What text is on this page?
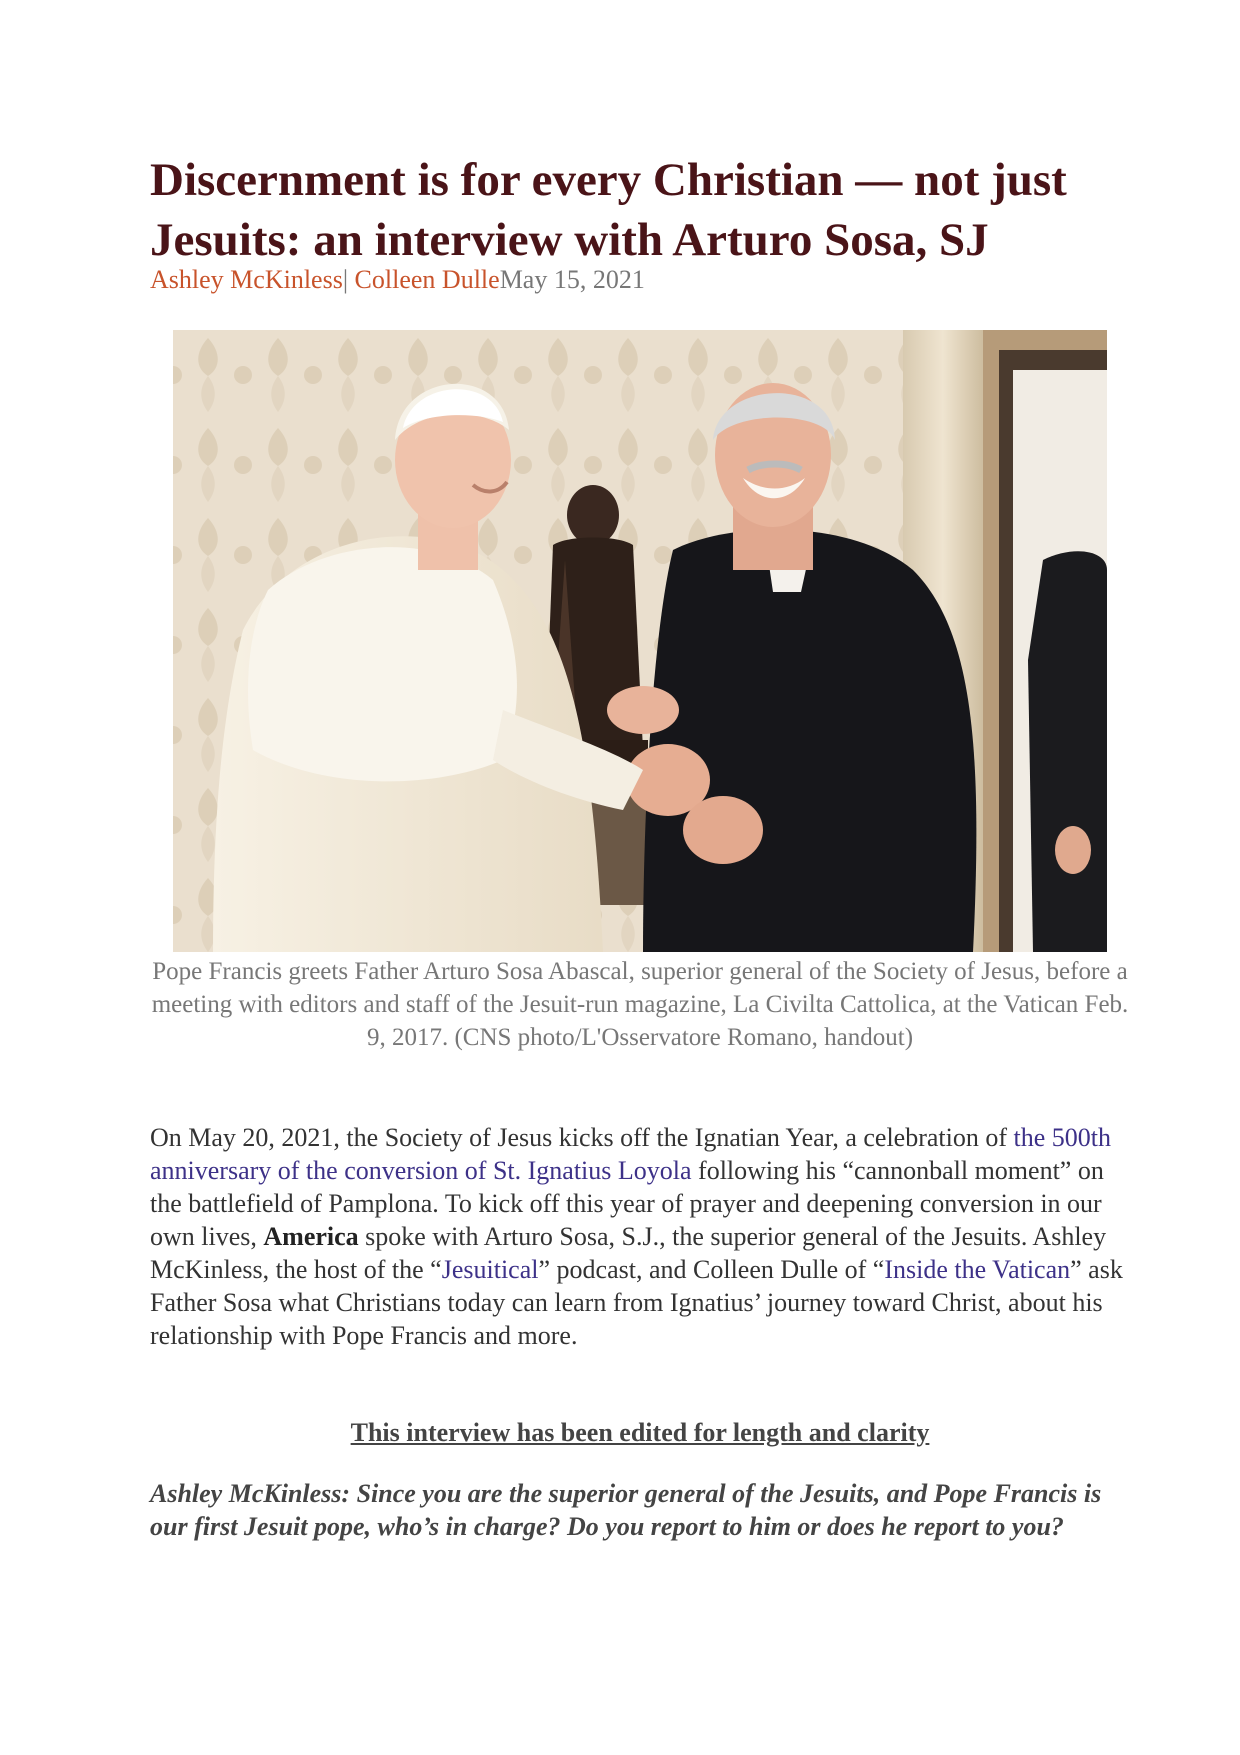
Discernment is for every Christian — not just Jesuits: an interview with Arturo Sosa, SJ
Ashley McKinless| Colleen DulleMay 15, 2021
Pope Francis greets Father Arturo Sosa Abascal, superior general of the Society of Jesus, before a meeting with editors and staff of the Jesuit-run magazine, La Civilta Cattolica, at the Vatican Feb. 9, 2017. (CNS photo/L'Osservatore Romano, handout)

On May 20, 2021, the Society of Jesus kicks off the Ignatian Year, a celebration of the 500th anniversary of the conversion of St. Ignatius Loyola following his “cannonball moment” on the battlefield of Pamplona. To kick off this year of prayer and deepening conversion in our own lives, America spoke with Arturo Sosa, S.J., the superior general of the Jesuits. Ashley McKinless, the host of the “Jesuitical” podcast, and Colleen Dulle of “Inside the Vatican” ask Father Sosa what Christians today can learn from Ignatius’ journey toward Christ, about his relationship with Pope Francis and more.

This interview has been edited for length and clarity

Ashley McKinless: Since you are the superior general of the Jesuits, and Pope Francis is our first Jesuit pope, who’s in charge? Do you report to him or does he report to you?
